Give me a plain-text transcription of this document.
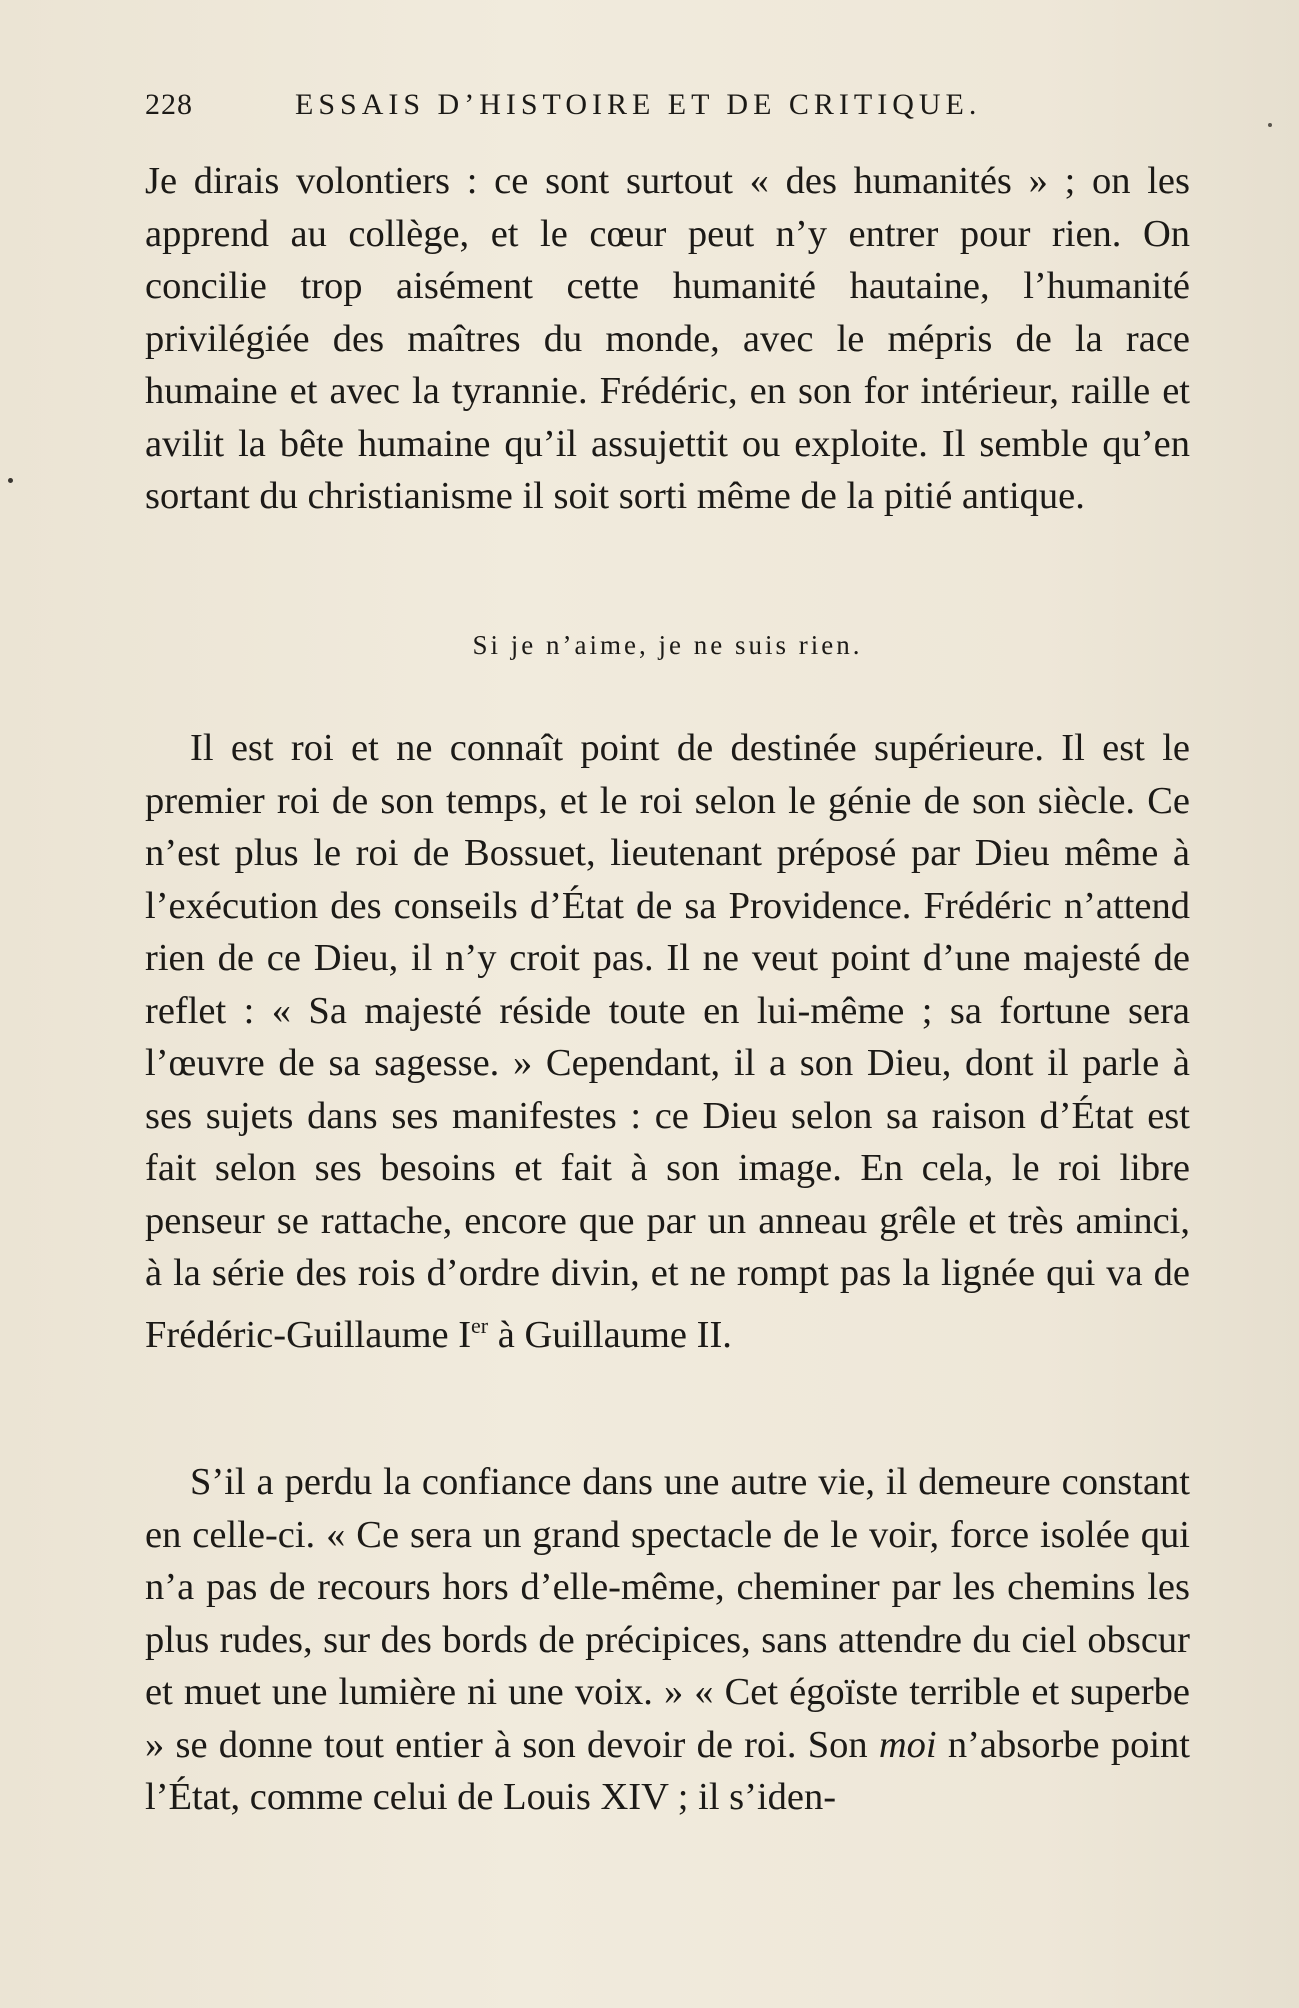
228	ESSAIS D’HISTOIRE ET DE CRITIQUE.

Je dirais volontiers : ce sont surtout « des humanités » ; on les apprend au collège, et le cœur peut n’y entrer pour rien. On concilie trop aisément cette humanité hautaine, l’humanité privilégiée des maîtres du monde, avec le mépris de la race humaine et avec la tyrannie. Frédéric, en son for intérieur, raille et avilit la bête humaine qu’il assujettit ou exploite. Il semble qu’en sortant du christianisme il soit sorti même de la pitié antique.

Si je n’aime, je ne suis rien.

Il est roi et ne connaît point de destinée supérieure. Il est le premier roi de son temps, et le roi selon le génie de son siècle. Ce n’est plus le roi de Bossuet, lieutenant préposé par Dieu même à l’exécution des conseils d’État de sa Providence. Frédéric n’attend rien de ce Dieu, il n’y croit pas. Il ne veut point d’une majesté de reflet : « Sa majesté réside toute en lui-même ; sa fortune sera l’œuvre de sa sagesse. » Cependant, il a son Dieu, dont il parle à ses sujets dans ses manifestes : ce Dieu selon sa raison d’État est fait selon ses besoins et fait à son image. En cela, le roi libre penseur se rattache, encore que par un anneau grêle et très aminci, à la série des rois d’ordre divin, et ne rompt pas la lignée qui va de Frédéric-Guillaume Ier à Guillaume II.

S’il a perdu la confiance dans une autre vie, il demeure constant en celle-ci. « Ce sera un grand spectacle de le voir, force isolée qui n’a pas de recours hors d’elle-même, cheminer par les chemins les plus rudes, sur des bords de précipices, sans attendre du ciel obscur et muet une lumière ni une voix. » « Cet égoïste terrible et superbe » se donne tout entier à son devoir de roi. Son moi n’absorbe point l’État, comme celui de Louis XIV ; il s’iden-
